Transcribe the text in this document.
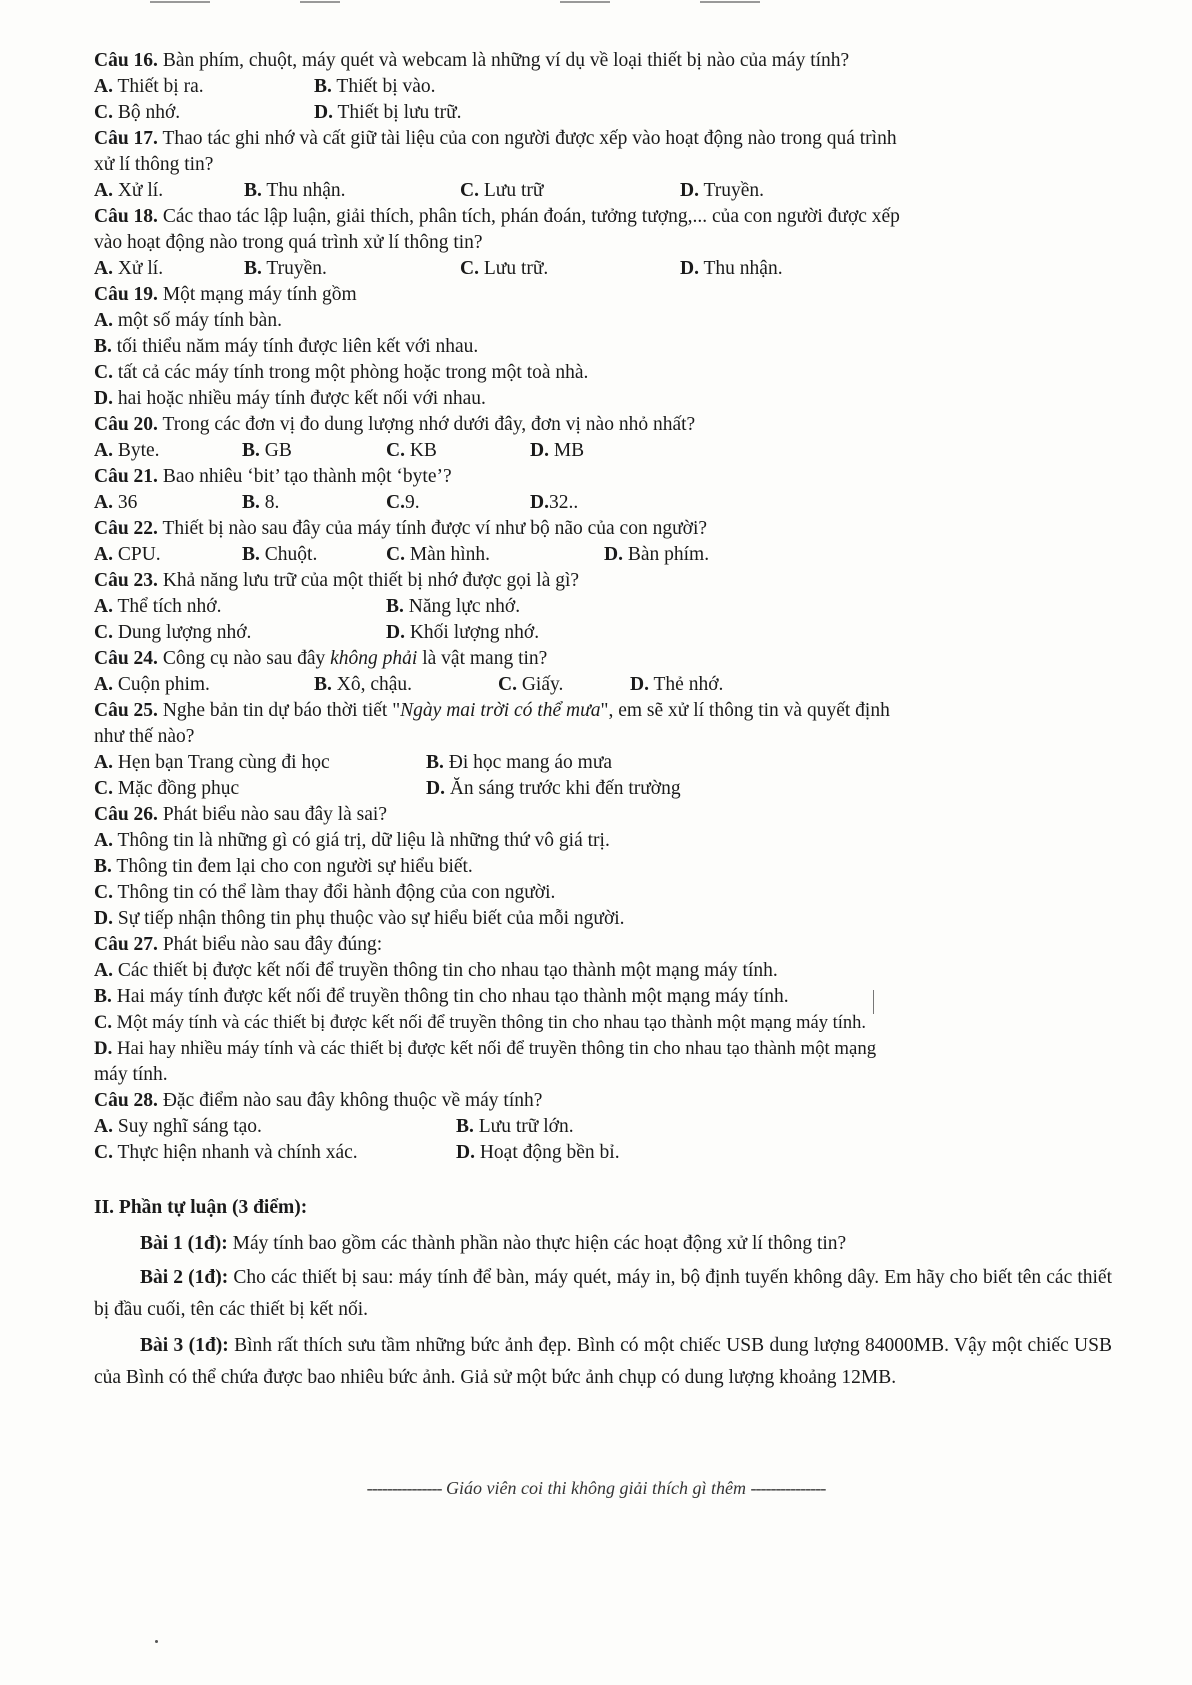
Câu 16. Bàn phím, chuột, máy quét và webcam là những ví dụ về loại thiết bị nào của máy tính?
A. Thiết bị ra.	B. Thiết bị vào.
C. Bộ nhớ.	D. Thiết bị lưu trữ.
Câu 17. Thao tác ghi nhớ và cất giữ tài liệu của con người được xếp vào hoạt động nào trong quá trình
xử lí thông tin?
A. Xử lí.	B. Thu nhận.	C. Lưu trữ	D. Truyền.
Câu 18. Các thao tác lập luận, giải thích, phân tích, phán đoán, tưởng tượng,... của con người được xếp
vào hoạt động nào trong quá trình xử lí thông tin?
A. Xử lí.	B. Truyền.	C. Lưu trữ.	D. Thu nhận.
Câu 19. Một mạng máy tính gồm
A. một số máy tính bàn.
B. tối thiểu năm máy tính được liên kết với nhau.
C. tất cả các máy tính trong một phòng hoặc trong một toà nhà.
D. hai hoặc nhiều máy tính được kết nối với nhau.
Câu 20. Trong các đơn vị đo dung lượng nhớ dưới đây, đơn vị nào nhỏ nhất?
A. Byte.	B. GB	C. KB	D. MB
Câu 21. Bao nhiêu ‘bit’ tạo thành một ‘byte’?
A. 36	B. 8.	C.9.	D.32..
Câu 22. Thiết bị nào sau đây của máy tính được ví như bộ não của con người?
A. CPU.	B. Chuột.	C. Màn hình.	D. Bàn phím.
Câu 23. Khả năng lưu trữ của một thiết bị nhớ được gọi là gì?
A. Thể tích nhớ.	B. Năng lực nhớ.
C. Dung lượng nhớ.	D. Khối lượng nhớ.
Câu 24. Công cụ nào sau đây không phải là vật mang tin?
A. Cuộn phim.	B. Xô, chậu.	C. Giấy.	D. Thẻ nhớ.
Câu 25. Nghe bản tin dự báo thời tiết "Ngày mai trời có thể mưa", em sẽ xử lí thông tin và quyết định
như thế nào?
A. Hẹn bạn Trang cùng đi học	B. Đi học mang áo mưa
C. Mặc đồng phục	D. Ăn sáng trước khi đến trường
Câu 26. Phát biểu nào sau đây là sai?
A. Thông tin là những gì có giá trị, dữ liệu là những thứ vô giá trị.
B. Thông tin đem lại cho con người sự hiểu biết.
C. Thông tin có thể làm thay đổi hành động của con người.
D. Sự tiếp nhận thông tin phụ thuộc vào sự hiểu biết của mỗi người.
Câu 27. Phát biểu nào sau đây đúng:
A. Các thiết bị được kết nối để truyền thông tin cho nhau tạo thành một mạng máy tính.
B. Hai máy tính được kết nối để truyền thông tin cho nhau tạo thành một mạng máy tính.
C. Một máy tính và các thiết bị được kết nối để truyền thông tin cho nhau tạo thành một mạng máy tính.
D. Hai hay nhiều máy tính và các thiết bị được kết nối để truyền thông tin cho nhau tạo thành một mạng
máy tính.
Câu 28. Đặc điểm nào sau đây không thuộc về máy tính?
A. Suy nghĩ sáng tạo.	B. Lưu trữ lớn.
C. Thực hiện nhanh và chính xác.	D. Hoạt động bền bỉ.
II. Phần tự luận (3 điểm):
Bài 1 (1đ): Máy tính bao gồm các thành phần nào thực hiện các hoạt động xử lí thông tin?
Bài 2 (1đ): Cho các thiết bị sau: máy tính để bàn, máy quét, máy in, bộ định tuyến không dây. Em hãy cho biết tên các thiết bị đầu cuối, tên các thiết bị kết nối.
Bài 3 (1đ): Bình rất thích sưu tầm những bức ảnh đẹp. Bình có một chiếc USB dung lượng 84000MB. Vậy một chiếc USB của Bình có thể chứa được bao nhiêu bức ảnh. Giả sử một bức ảnh chụp có dung lượng khoảng 12MB.
--------------- Giáo viên coi thi không giải thích gì thêm ---------------
